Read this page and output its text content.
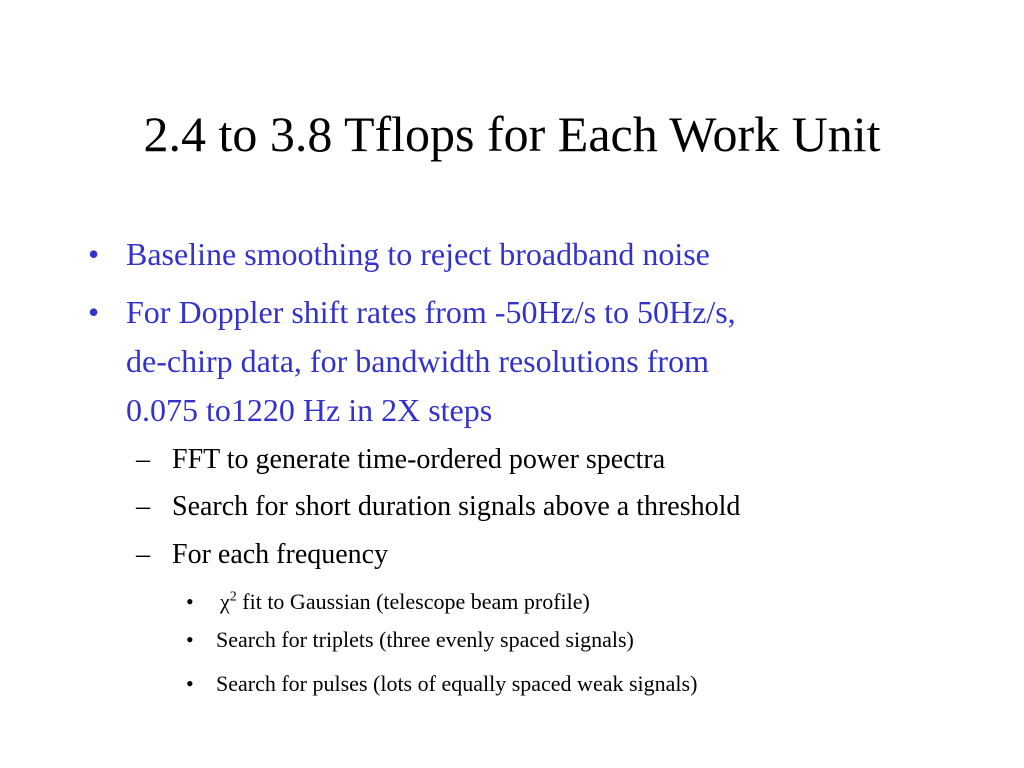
2.4 to 3.8 Tflops for Each Work Unit
• Baseline smoothing to reject broadband noise
• For Doppler shift rates from -50Hz/s to 50Hz/s,
de-chirp data, for bandwidth resolutions from
0.075 to1220 Hz in 2X steps
– FFT to generate time-ordered power spectra
– Search for short duration signals above a threshold
– For each frequency
• $\chi^2$ fit to Gaussian (telescope beam profile)
• Search for triplets (three evenly spaced signals)
• Search for pulses (lots of equally spaced weak signals)
